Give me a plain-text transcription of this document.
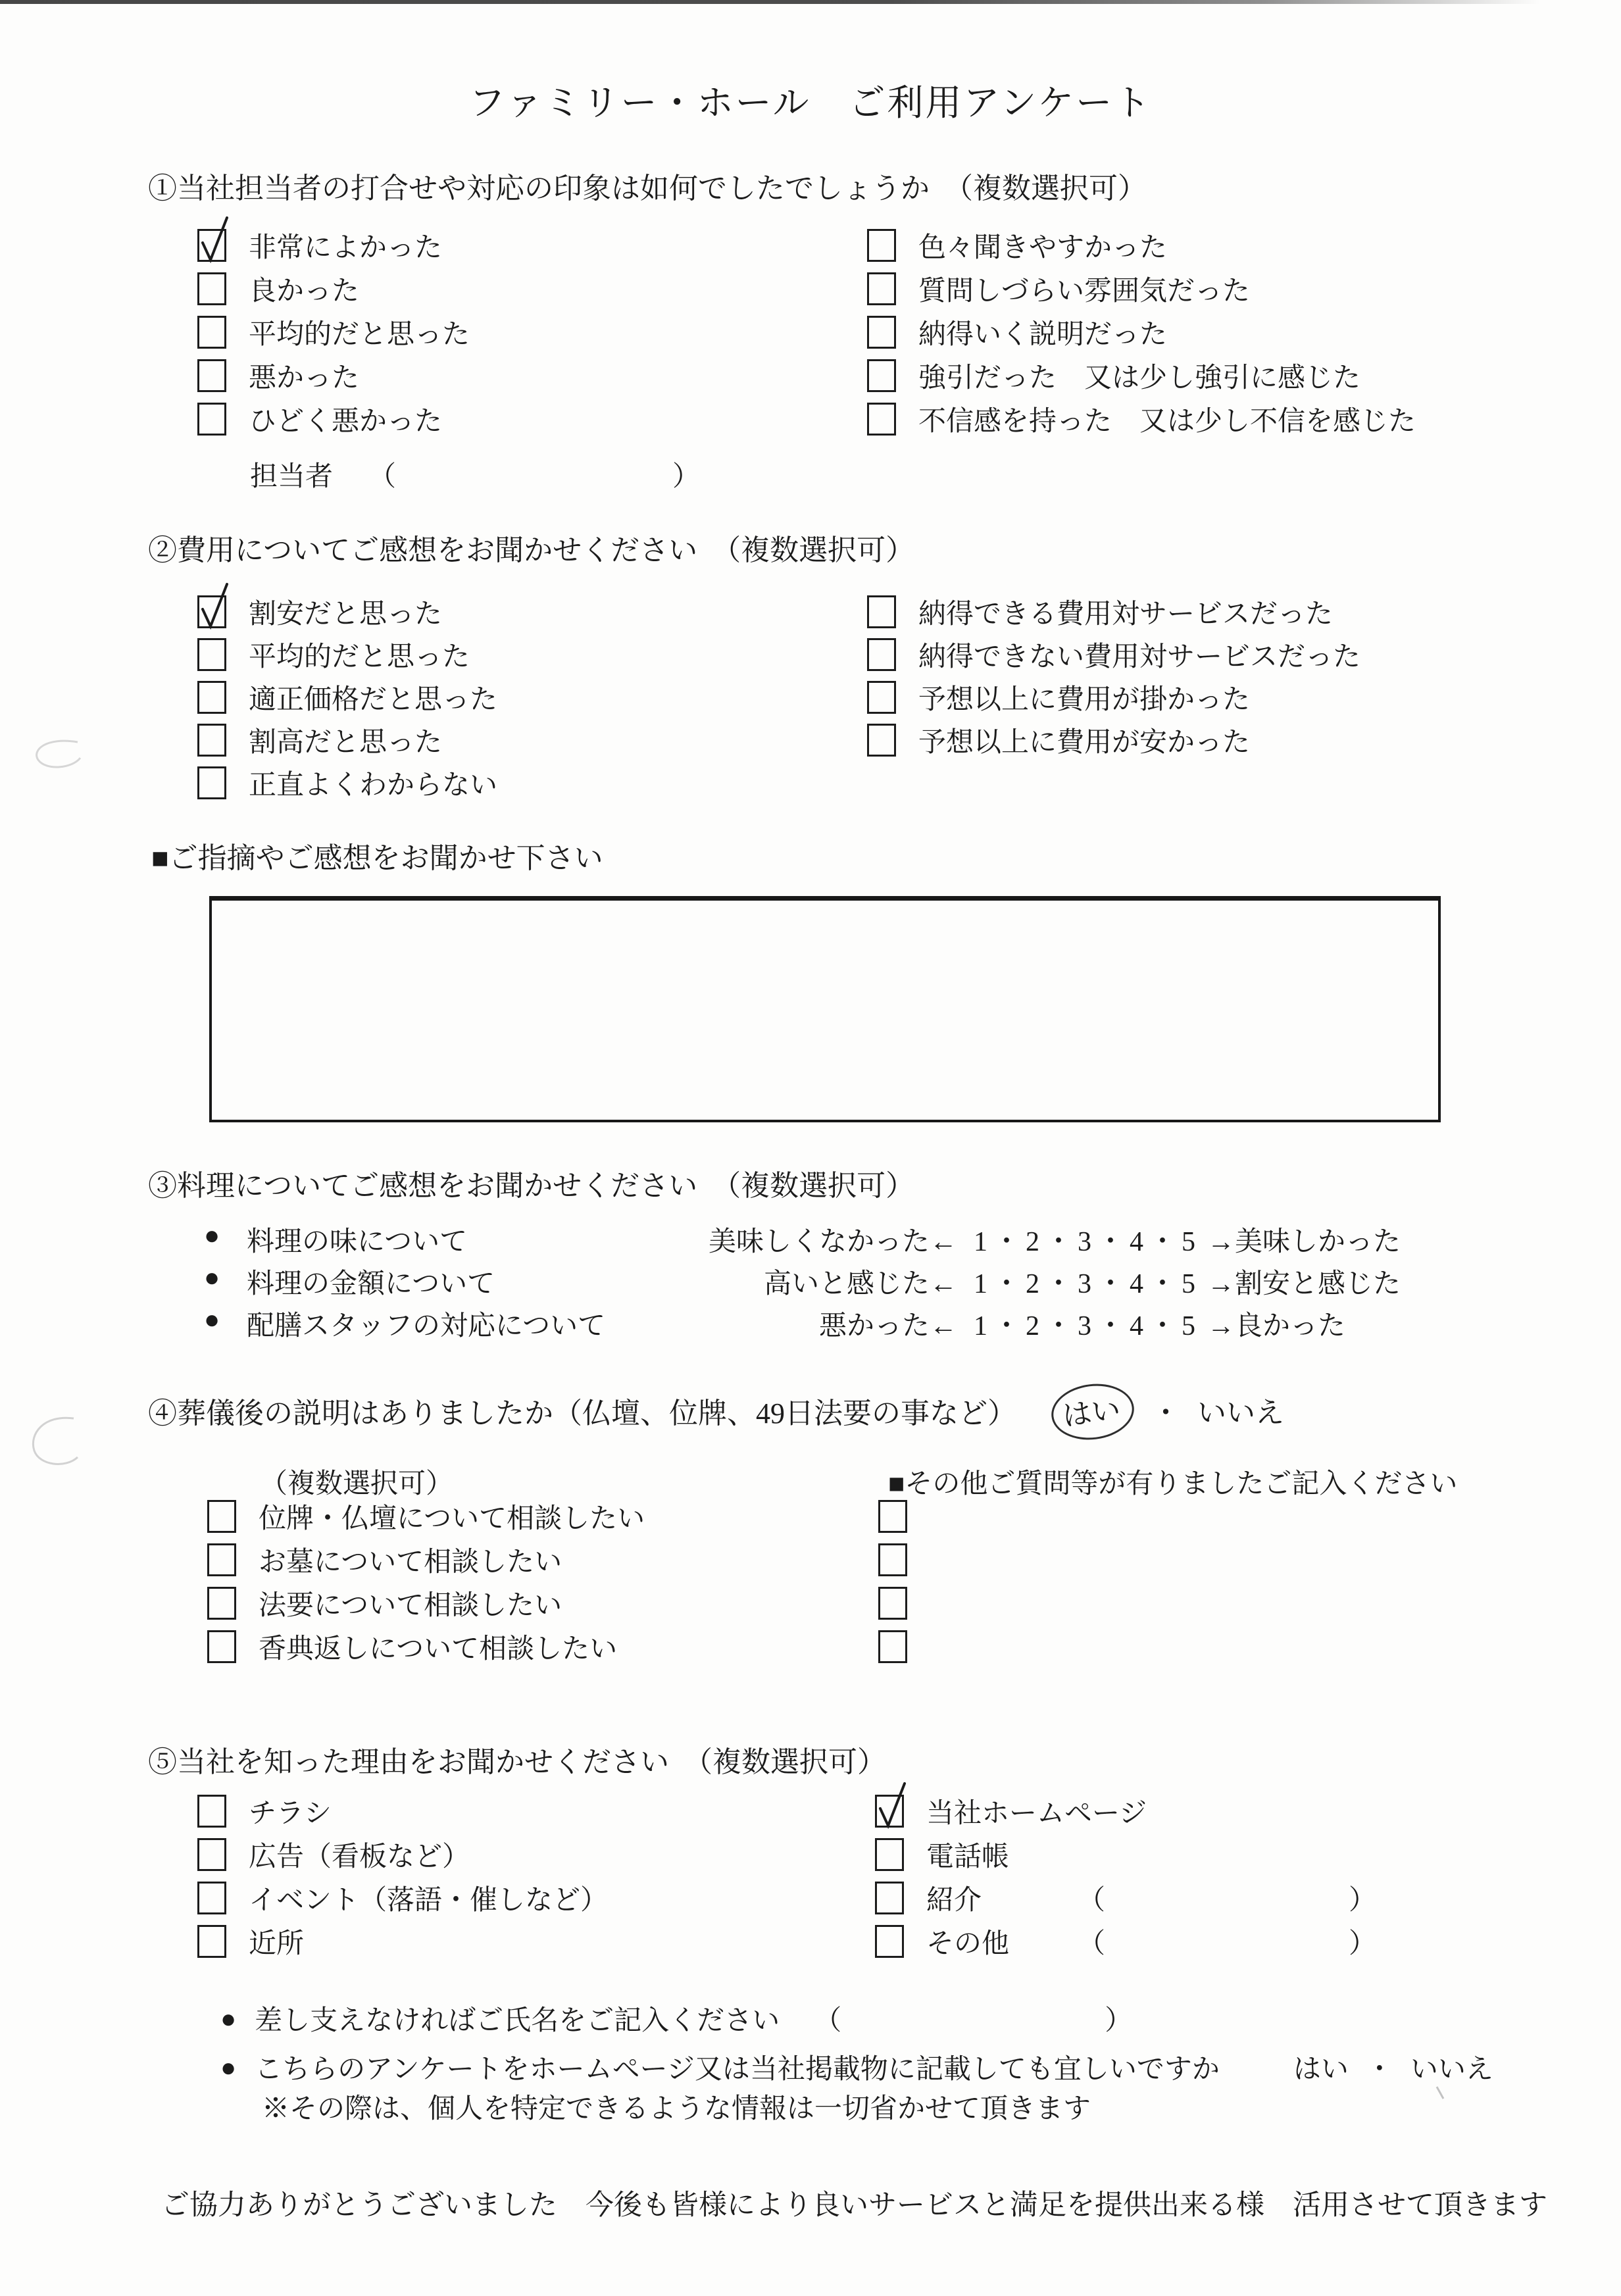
ファミリー・ホール　ご利用アンケート
①当社担当者の打合せや対応の印象は如何でしたでしょうか　（複数選択可）
非常によかった
良かった
平均的だと思った
悪かった
ひどく悪かった
色々聞きやすかった
質問しづらい雰囲気だった
納得いく説明だった
強引だった　又は少し強引に感じた
不信感を持った　又は少し不信を感じた
担当者 （	）
②費用についてご感想をお聞かせください　（複数選択可）
割安だと思った
平均的だと思った
適正価格だと思った
割高だと思った
正直よくわからない
納得できる費用対サービスだった
納得できない費用対サービスだった
予想以上に費用が掛かった
予想以上に費用が安かった
■ご指摘やご感想をお聞かせ下さい
③料理についてご感想をお聞かせください　（複数選択可）
● 料理の味について	美味しくなかった← 1・2・3・4・5 →美味しかった
● 料理の金額について	高いと感じた← 1・2・3・4・5 →割安と感じた
● 配膳スタッフの対応について	悪かった← 1・2・3・4・5 →良かった
④葬儀後の説明はありましたか（仏壇、位牌、49日法要の事など）	はい ・ いいえ
（複数選択可）	■その他ご質問等が有りましたご記入ください
位牌・仏壇について相談したい
お墓について相談したい
法要について相談したい
香典返しについて相談したい
⑤当社を知った理由をお聞かせください　（複数選択可）
チラシ
広告（看板など）
イベント（落語・催しなど）
近所
当社ホームページ
電話帳
紹介	（	）
その他	（	）
● 差し支えなければご氏名をご記入ください （	）
● こちらのアンケートをホームページ又は当社掲載物に記載しても宜しいですか	はい ・ いいえ
※その際は、個人を特定できるような情報は一切省かせて頂きます
ご協力ありがとうございました　今後も皆様により良いサービスと満足を提供出来る様　活用させて頂きます
